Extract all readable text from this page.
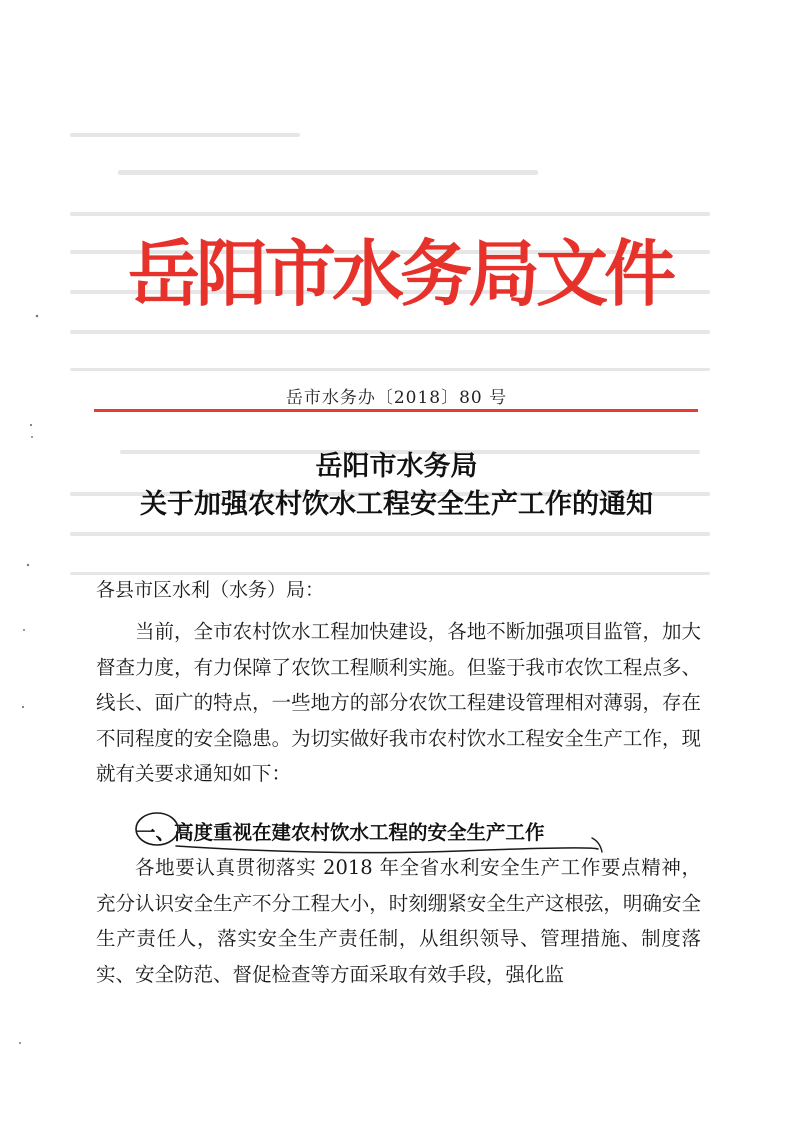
岳阳市水务局文件
岳市水务办〔2018〕80 号
岳阳市水务局
关于加强农村饮水工程安全生产工作的通知
各县市区水利（水务）局：

当前，全市农村饮水工程加快建设，各地不断加强项目监管，加大督查力度，有力保障了农饮工程顺利实施。但鉴于我市农饮工程点多、线长、面广的特点，一些地方的部分农饮工程建设管理相对薄弱，存在不同程度的安全隐患。为切实做好我市农村饮水工程安全生产工作，现就有关要求通知如下：

一、高度重视在建农村饮水工程的安全生产工作

各地要认真贯彻落实 2018 年全省水利安全生产工作要点精神，充分认识安全生产不分工程大小，时刻绷紧安全生产这根弦，明确安全生产责任人，落实安全生产责任制，从组织领导、管理措施、制度落实、安全防范、督促检查等方面采取有效手段，强化监
